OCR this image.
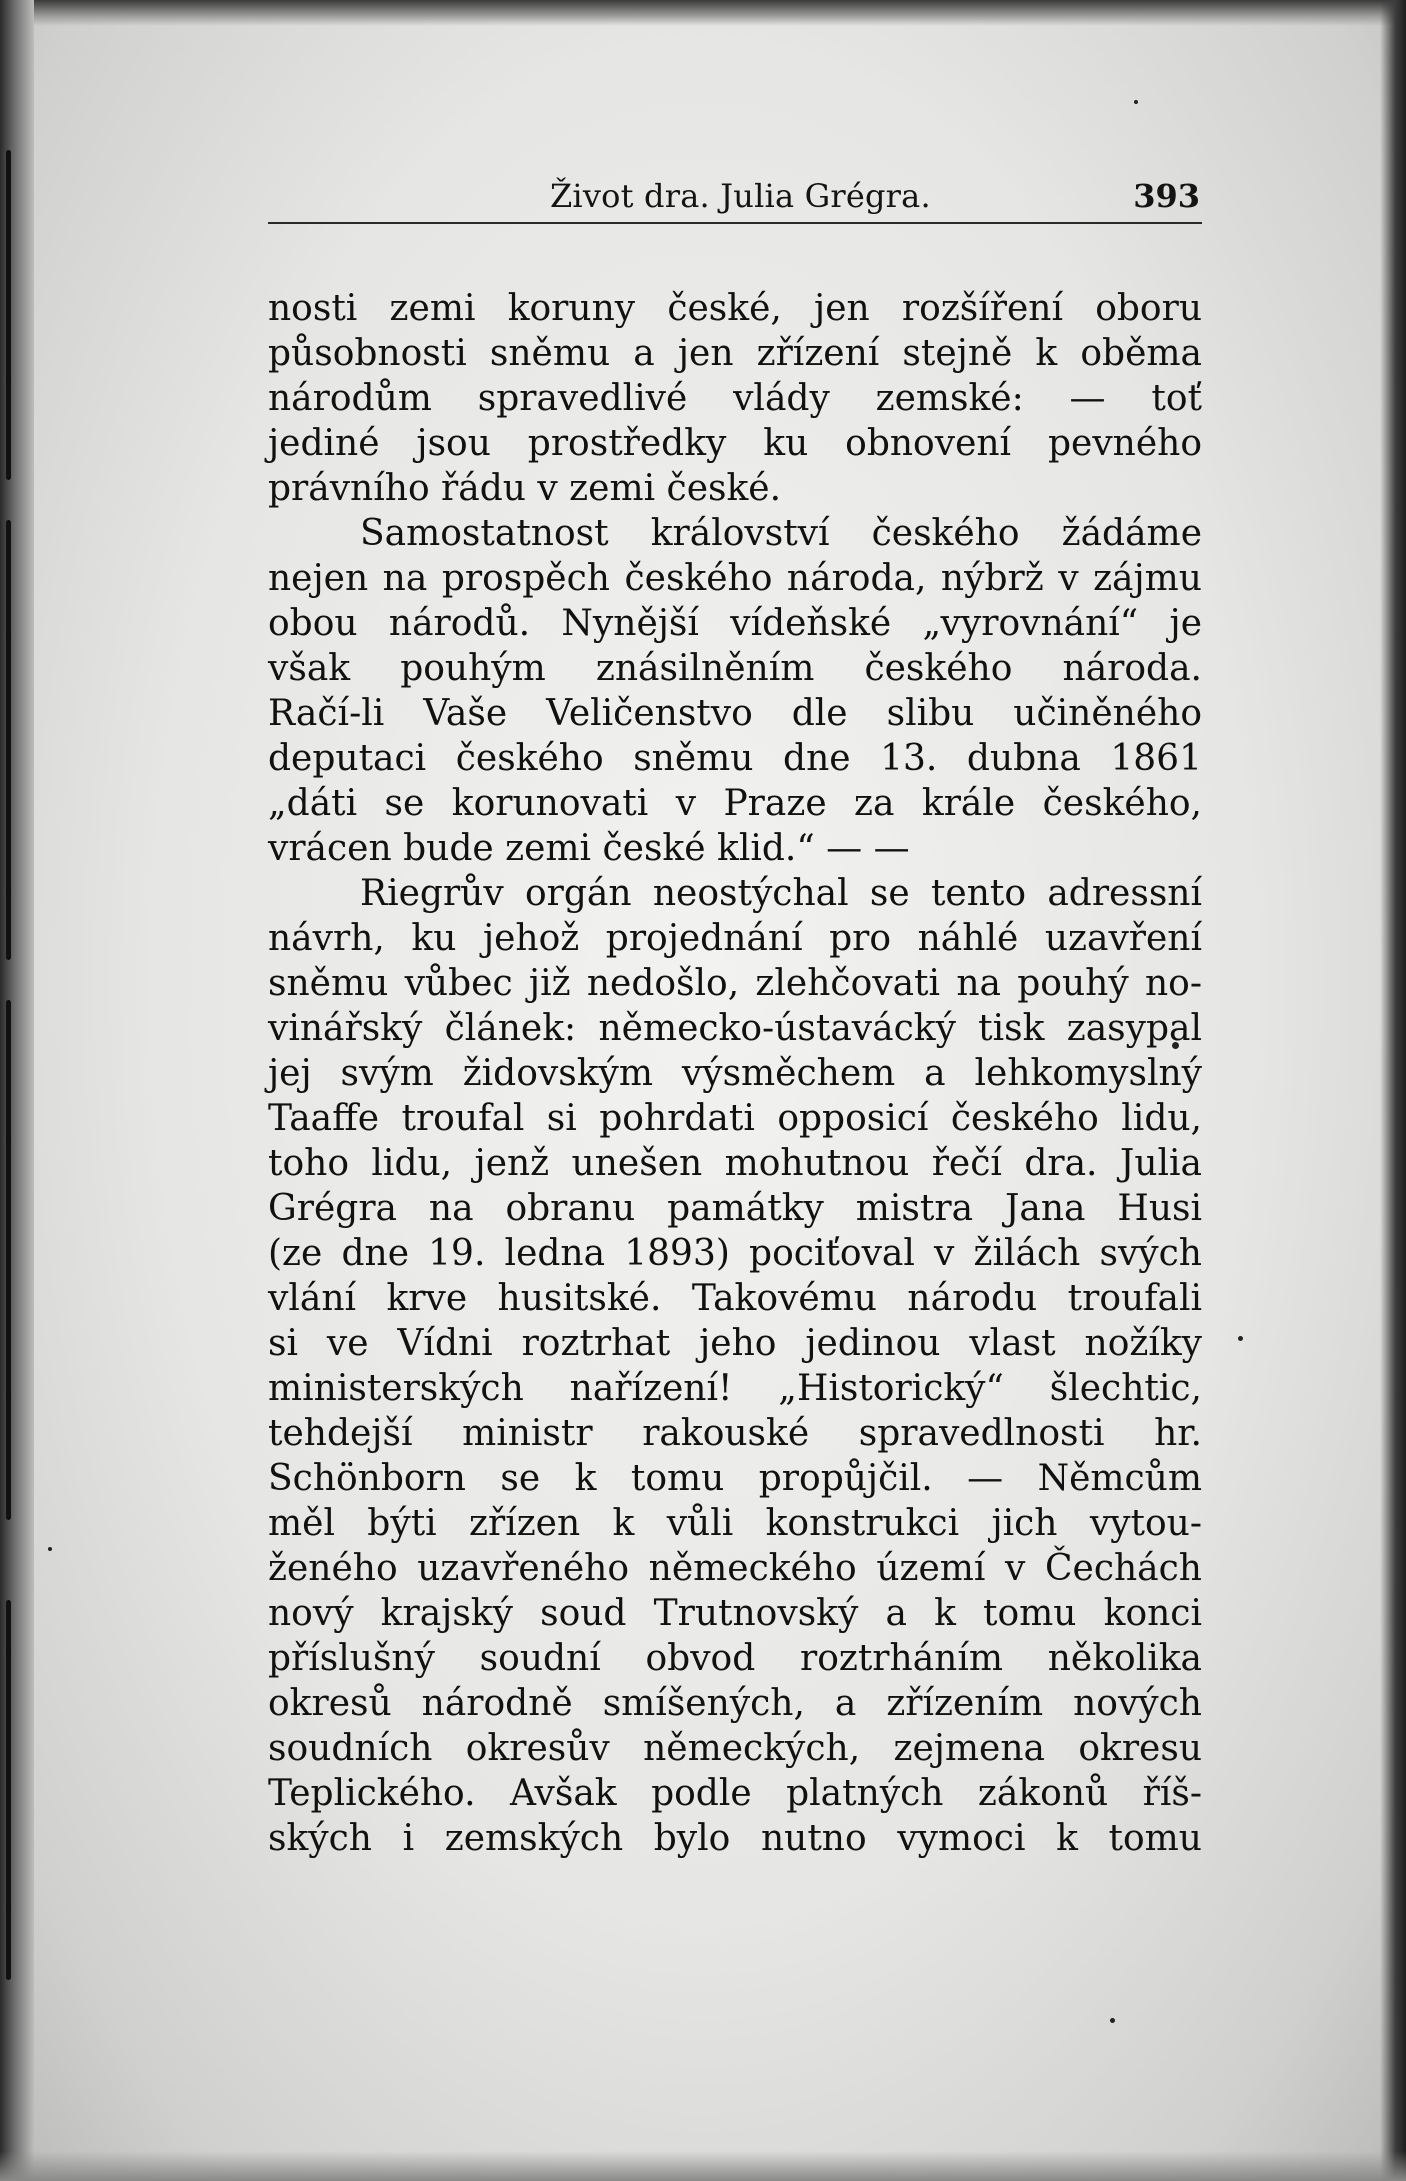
Život dra. Julia Grégra.	393
nosti zemi koruny české, jen rozšíření oboru
působnosti sněmu a jen zřízení stejně k oběma
národům spravedlivé vlády zemské: — toť
jediné jsou prostředky ku obnovení pevného
právního řádu v zemi české.
Samostatnost království českého žádáme
nejen na prospěch českého národa, nýbrž v zájmu
obou národů. Nynější vídeňské „vyrovnání“ je
však pouhým znásilněním českého národa.
Račí-li Vaše Veličenstvo dle slibu učiněného
deputaci českého sněmu dne 13. dubna 1861
„dáti se korunovati v Praze za krále českého,
vrácen bude zemi české klid.“ — —
Riegrův orgán neostýchal se tento adressní
návrh, ku jehož projednání pro náhlé uzavření
sněmu vůbec již nedošlo, zlehčovati na pouhý no-
vinářský článek: německo-ústavácký tisk zasypal
jej svým židovským výsměchem a lehkomyslný
Taaffe troufal si pohrdati opposicí českého lidu,
toho lidu, jenž unešen mohutnou řečí dra. Julia
Grégra na obranu památky mistra Jana Husi
(ze dne 19. ledna 1893) pociťoval v žilách svých
vlání krve husitské. Takovému národu troufali
si ve Vídni roztrhat jeho jedinou vlast nožíky
ministerských nařízení! „Historický“ šlechtic,
tehdejší ministr rakouské spravedlnosti hr.
Schönborn se k tomu propůjčil. — Němcům
měl býti zřízen k vůli konstrukci jich vytou-
ženého uzavřeného německého území v Čechách
nový krajský soud Trutnovský a k tomu konci
příslušný soudní obvod roztrháním několika
okresů národně smíšených, a zřízením nových
soudních okresův německých, zejmena okresu
Teplického. Avšak podle platných zákonů říš-
ských i zemských bylo nutno vymoci k tomu
